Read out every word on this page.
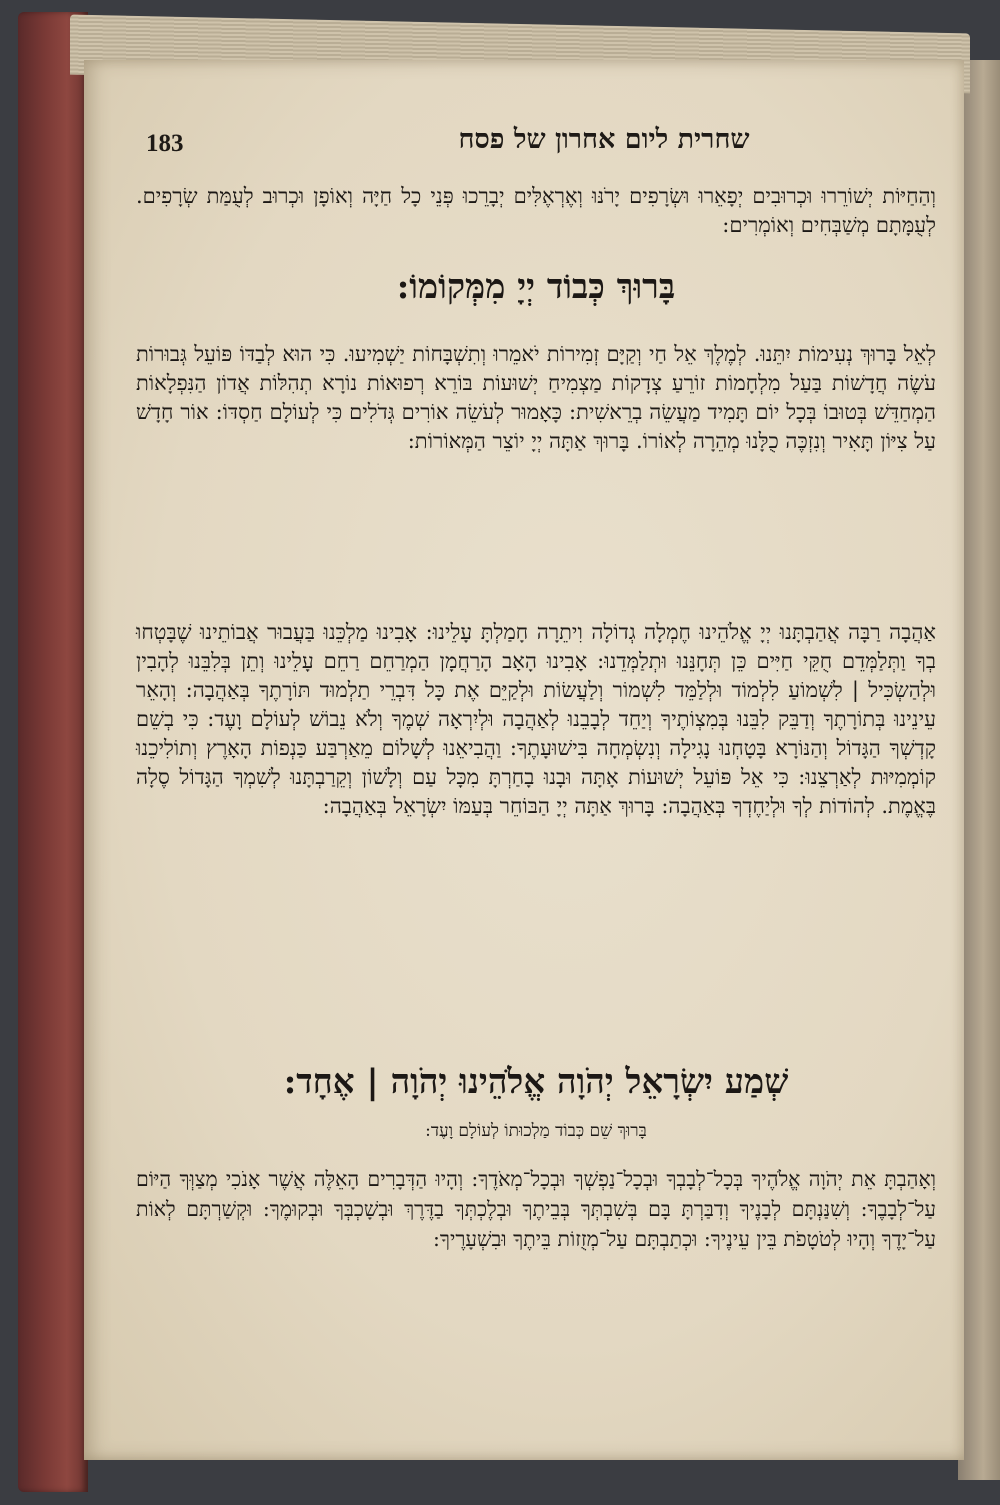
183	שחרית ליום אחרון של פסח
וְהַחַיּוֹת יְשׁוֹרֵרוּ וּכְרוּבִים יְפָאֵרוּ וּשְׂרָפִים יָרֹנּוּ וְאֶרְאֶלִּים יְבָרֵכוּ פְּנֵי כָל חַיָּה וְאוֹפָן וּכְרוּב לְעֻמַּת שְׂרָפִים. לְעֻמָּתָם מְשַׁבְּחִים וְאוֹמְרִים:
בָּרוּךְ כְּבוֹד יְיָ מִמְּקוֹמוֹ:
לְאֵל בָּרוּךְ נְעִימוֹת יִתֵּנוּ. לְמֶלֶךְ אֵל חַי וְקַיָּם זְמִירוֹת יֹאמֵרוּ וְתִשְׁבָּחוֹת יַשְׁמִיעוּ. כִּי הוּא לְבַדּוֹ פּוֹעֵל גְּבוּרוֹת עֹשֶׂה חֲדָשׁוֹת בַּעַל מִלְחָמוֹת זוֹרֵעַ צְדָקוֹת מַצְמִיחַ יְשׁוּעוֹת בּוֹרֵא רְפוּאוֹת נוֹרָא תְהִלּוֹת אֲדוֹן הַנִּפְלָאוֹת הַמְחַדֵּשׁ בְּטוּבוֹ בְּכָל יוֹם תָּמִיד מַעֲשֵׂה בְרֵאשִׁית: כָּאָמוּר לְעֹשֵׂה אוֹרִים גְּדֹלִים כִּי לְעוֹלָם חַסְדּוֹ: אוֹר חָדָשׁ עַל צִיּוֹן תָּאִיר וְנִזְכֶּה כֻלָּנוּ מְהֵרָה לְאוֹרוֹ. בָּרוּךְ אַתָּה יְיָ יוֹצֵר הַמְּאוֹרוֹת:
אַהֲבָה רַבָּה אֲהַבְתָּנוּ יְיָ אֱלֹהֵינוּ חֶמְלָה גְדוֹלָה וִיתֵרָה חָמַלְתָּ עָלֵינוּ: אָבִינוּ מַלְכֵּנוּ בַּעֲבוּר אֲבוֹתֵינוּ שֶׁבָּטְחוּ בְךָ וַתְּלַמְּדֵם חֻקֵּי חַיִּים כֵּן תְּחָנֵּנוּ וּתְלַמְּדֵנוּ: אָבִינוּ הָאָב הָרַחֲמָן הַמְרַחֵם רַחֵם עָלֵינוּ וְתֵן בְּלִבֵּנוּ לְהָבִין וּלְהַשְׂכִּיל | לִשְׁמוֹעַ לִלְמוֹד וּלְלַמֵּד לִשְׁמוֹר וְלַעֲשׂוֹת וּלְקַיֵּם אֶת כָּל דִּבְרֵי תַלְמוּד תּוֹרָתֶךָ בְּאַהֲבָה: וְהָאֵר עֵינֵינוּ בְּתוֹרָתֶךָ וְדַבֵּק לִבֵּנוּ בְּמִצְוֹתֶיךָ וְיַחֵד לְבָבֵנוּ לְאַהֲבָה וּלְיִרְאָה שְׁמֶךָ וְלֹא נֵבוֹשׁ לְעוֹלָם וָעֶד: כִּי בְשֵׁם קָדְשְׁךָ הַגָּדוֹל וְהַנּוֹרָא בָּטָחְנוּ נָגִילָה וְנִשְׂמְחָה בִּישׁוּעָתֶךָ: וַהֲבִיאֵנוּ לְשָׁלוֹם מֵאַרְבַּע כַּנְפוֹת הָאָרֶץ וְתוֹלִיכֵנוּ קוֹמְמִיּוּת לְאַרְצֵנוּ: כִּי אֵל פּוֹעֵל יְשׁוּעוֹת אָתָּה וּבָנוּ בָחַרְתָּ מִכָּל עַם וְלָשׁוֹן וְקֵרַבְתָּנוּ לְשִׁמְךָ הַגָּדוֹל סֶלָה בֶּאֱמֶת. לְהוֹדוֹת לְךָ וּלְיַחֶדְךָ בְּאַהֲבָה: בָּרוּךְ אַתָּה יְיָ הַבּוֹחֵר בְּעַמּוֹ יִשְׂרָאֵל בְּאַהֲבָה:
שְׁמַע יִשְׂרָאֵל יְהֹוָה אֱלֹהֵינוּ יְהֹוָה | אֶחָד:
בָּרוּךְ שֵׁם כְּבוֹד מַלְכוּתוֹ לְעוֹלָם וָעֶד:
וְאָהַבְתָּ אֵת יְהֹוָה אֱלֹהֶיךָ בְּכָל־לְבָבְךָ וּבְכָל־נַפְשְׁךָ וּבְכָל־מְאֹדֶךָ: וְהָיוּ הַדְּבָרִים הָאֵלֶּה אֲשֶׁר אָנֹכִי מְצַוְּךָ הַיּוֹם עַל־לְבָבֶךָ: וְשִׁנַּנְתָּם לְבָנֶיךָ וְדִבַּרְתָּ בָּם בְּשִׁבְתְּךָ בְּבֵיתֶךָ וּבְלֶכְתְּךָ בַדֶּרֶךְ וּבְשָׁכְבְּךָ וּבְקוּמֶךָ: וּקְשַׁרְתָּם לְאוֹת עַל־יָדֶךָ וְהָיוּ לְטֹטָפֹת בֵּין עֵינֶיךָ: וּכְתַבְתָּם עַל־מְזֻזוֹת בֵּיתֶךָ וּבִשְׁעָרֶיךָ:
